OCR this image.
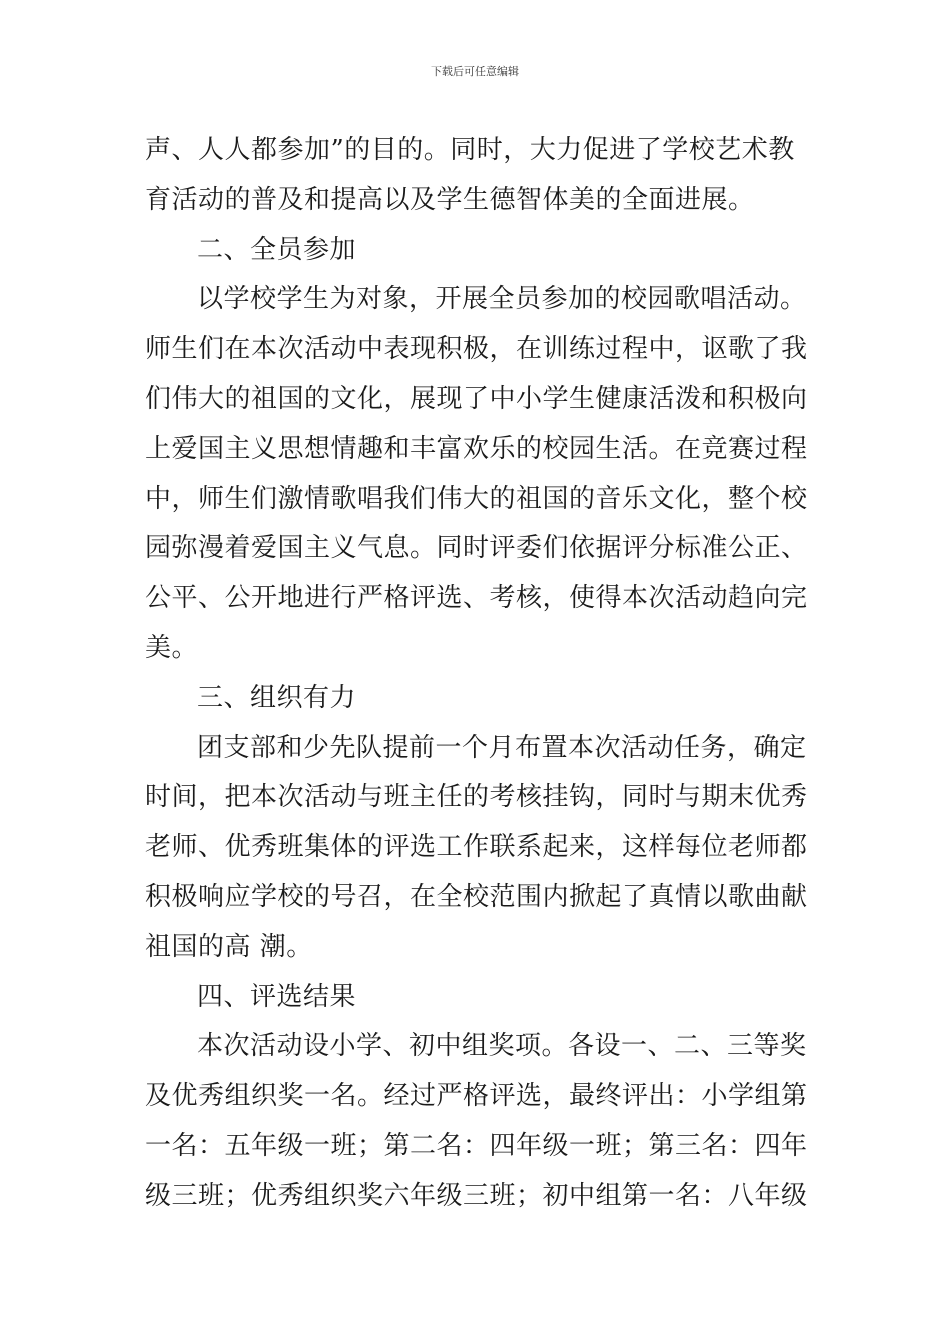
下载后可任意编辑
声、人人都参加”的目的。同时，大力促进了学校艺术教
育活动的普及和提高以及学生德智体美的全面进展。
二、全员参加
以学校学生为对象，开展全员参加的校园歌唱活动。
师生们在本次活动中表现积极，在训练过程中，讴歌了我
们伟大的祖国的文化，展现了中小学生健康活泼和积极向
上爱国主义思想情趣和丰富欢乐的校园生活。在竞赛过程
中，师生们激情歌唱我们伟大的祖国的音乐文化，整个校
园弥漫着爱国主义气息。同时评委们依据评分标准公正、
公平、公开地进行严格评选、考核，使得本次活动趋向完
美。
三、组织有力
团支部和少先队提前一个月布置本次活动任务，确定
时间，把本次活动与班主任的考核挂钩，同时与期末优秀
老师、优秀班集体的评选工作联系起来，这样每位老师都
积极响应学校的号召，在全校范围内掀起了真情以歌曲献
祖国的高 潮。
四、评选结果
本次活动设小学、初中组奖项。各设一、二、三等奖
及优秀组织奖一名。经过严格评选，最终评出：小学组第
一名：五年级一班；第二名：四年级一班；第三名：四年
级三班；优秀组织奖六年级三班；初中组第一名：八年级
